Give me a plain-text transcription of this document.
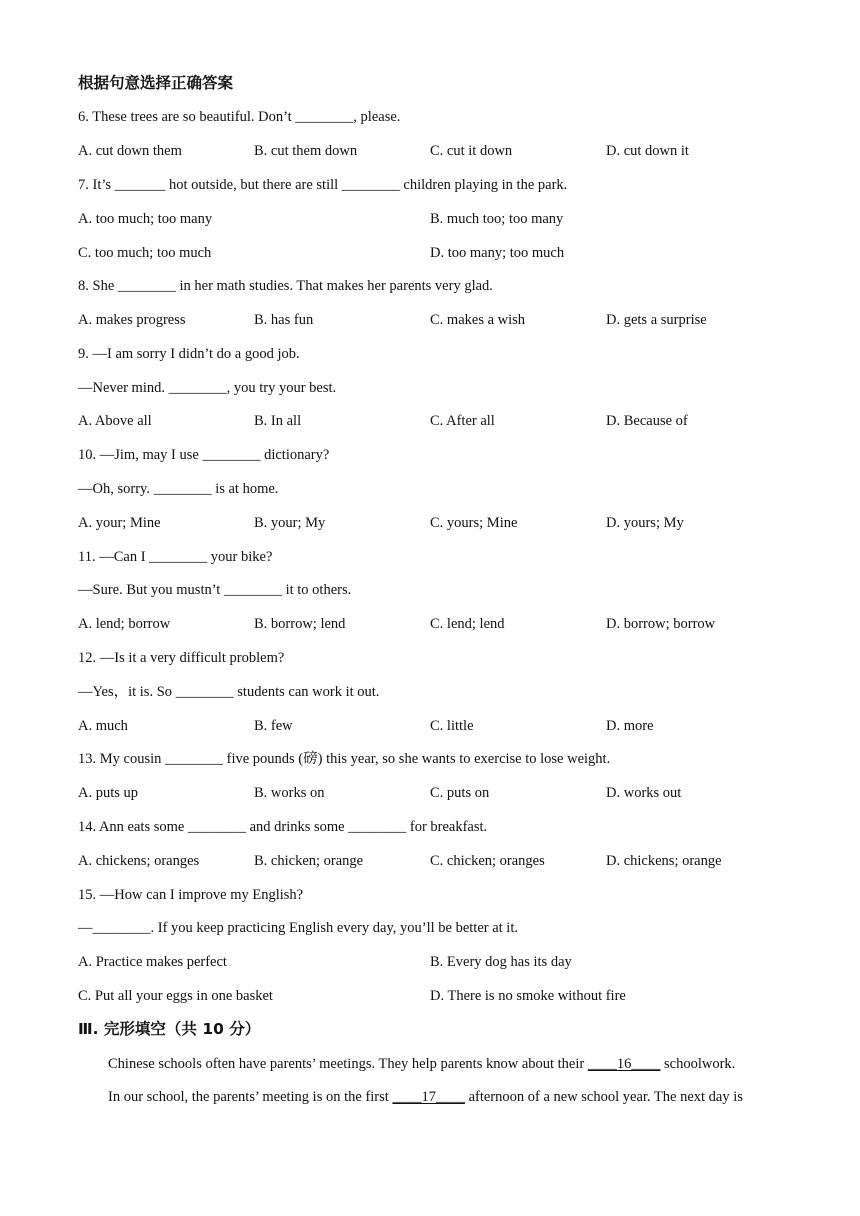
根据句意选择正确答案
6. These trees are so beautiful. Don’t ________, please.
A. cut down them	B. cut them down	C. cut it down	D. cut down it
7. It’s _______ hot outside, but there are still ________ children playing in the park.
A. too much; too many	B. much too; too many
C. too much; too much	D. too many; too much
8. She ________ in her math studies. That makes her parents very glad.
A. makes progress	B. has fun	C. makes a wish	D. gets a surprise
9. —I am sorry I didn’t do a good job.
—Never mind. ________, you try your best.
A. Above all	B. In all	C. After all	D. Because of
10. —Jim, may I use ________ dictionary?
—Oh, sorry. ________ is at home.
A. your; Mine	B. your; My	C. yours; Mine	D. yours; My
11. —Can I ________ your bike?
—Sure. But you mustn’t ________ it to others.
A. lend; borrow	B. borrow; lend	C. lend; lend	D. borrow; borrow
12. —Is it a very difficult problem?
—Yes，it is. So ________ students can work it out.
A. much	B. few	C. little	D. more
13. My cousin ________ five pounds (磅) this year, so she wants to exercise to lose weight.
A. puts up	B. works on	C. puts on	D. works out
14. Ann eats some ________ and drinks some ________ for breakfast.
A. chickens; oranges	B. chicken; orange	C. chicken; oranges	D. chickens; orange
15. —How can I improve my English?
—________. If you keep practicing English every day, you’ll be better at it.
A. Practice makes perfect	B. Every dog has its day
C. Put all your eggs in one basket	D. There is no smoke without fire
Ⅲ. 完形填空（共 10 分）
Chinese schools often have parents’ meetings. They help parents know about their ____16____ schoolwork.
In our school, the parents’ meeting is on the first ____17____ afternoon of a new school year. The next day is
